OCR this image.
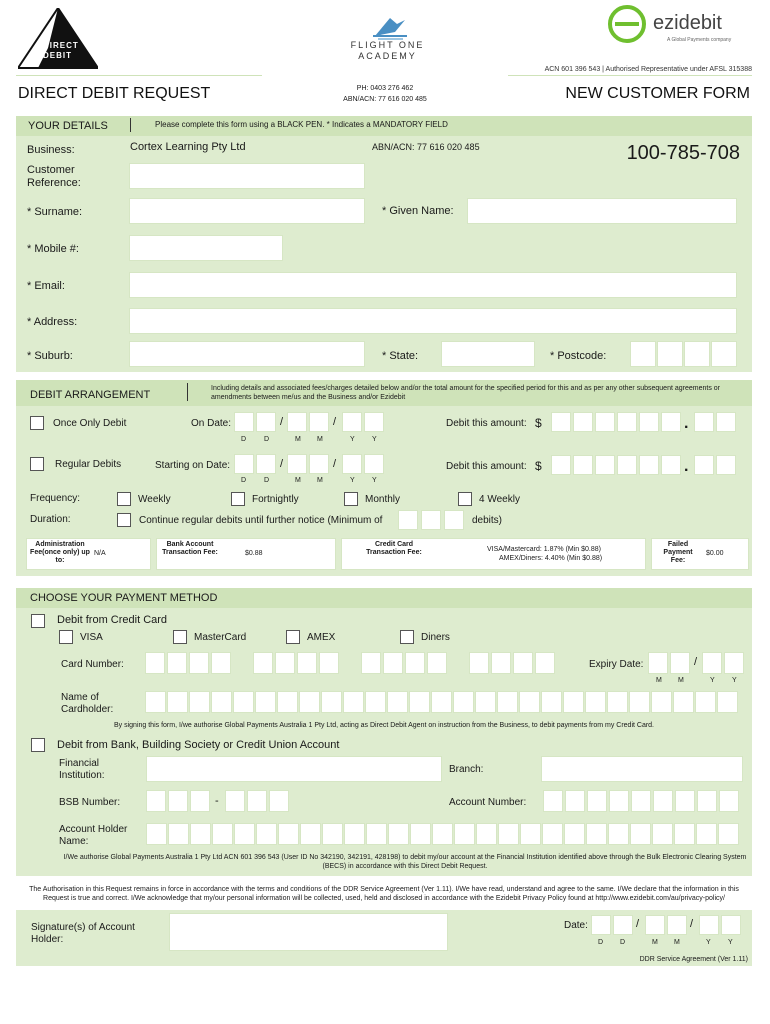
DIRECT
DEBIT
FLIGHT ONE
ACADEMY
ezidebit
A Global Payments company
ACN 601 396 543 | Authorised Representative under AFSL 315388
DIRECT DEBIT REQUEST	PH: 0403 276 462
ABN/ACN: 77 616 020 485	NEW CUSTOMER FORM
YOUR DETAILS	Please complete this form using a BLACK PEN. * Indicates a MANDATORY FIELD
Business:	Cortex Learning Pty Ltd	ABN/ACN: 77 616 020 485	100-785-708
Customer Reference:
* Surname:	* Given Name:
* Mobile #:
* Email:
* Address:
* Suburb:	* State:	* Postcode:
DEBIT ARRANGEMENT
Including details and associated fees/charges detailed below and/or the total amount for the specified period for this and as per any other subsequent agreements or amendments between me/us and the Business and/or Ezidebit
Once Only Debit	On Date:	/	/
D	D	M M	Y Y
Debit this amount: $	.
Regular Debits	Starting on Date:	/	/
D	D	M M	Y Y
Debit this amount: $	.
Frequency:	Weekly	Fortnightly	Monthly	4 Weekly
Duration:	Continue regular debits until further notice (Minimum of	debits)
Administration Fee(once only) up to:
N/A
Bank Account Transaction Fee:	$0.88
Credit Card Transaction Fee:	VISA/Mastercard: 1.87% (Min $0.88)
AMEX/Diners: 4.40% (Min $0.88)
Failed Payment Fee:
$0.00
CHOOSE YOUR PAYMENT METHOD
Debit from Credit Card
VISA	MasterCard	AMEX	Diners
Card Number:	Expiry Date:	/
M M	Y Y
Name of Cardholder:
By signing this form, I/we authorise Global Payments Australia 1 Pty Ltd, acting as Direct Debit Agent on instruction from the Business, to debit payments from my Credit Card.
Debit from Bank, Building Society or Credit Union Account
Financial Institution:
Branch:
BSB Number:	-	Account Number:
Account Holder Name:
I/We authorise Global Payments Australia 1 Pty Ltd ACN 601 396 543 (User ID No 342190, 342191, 428198) to debit my/our account at the Financial Institution identified above through the Bulk Electronic Clearing System (BECS) in accordance with this Direct Debit Request.
The Authorisation in this Request remains in force in accordance with the terms and conditions of the DDR Service Agreement (Ver 1.11). I/We have read, understand and agree to the same. I/We declare that the information in this Request is true and correct. I/We acknowledge that my/our personal information will be collected, used, held and disclosed in accordance with the Ezidebit Privacy Policy found at http://www.ezidebit.com/au/privacy-policy/
Signature(s) of Account Holder:
Date:	/	/
D D	M M	Y Y
DDR Service Agreement (Ver 1.11)
